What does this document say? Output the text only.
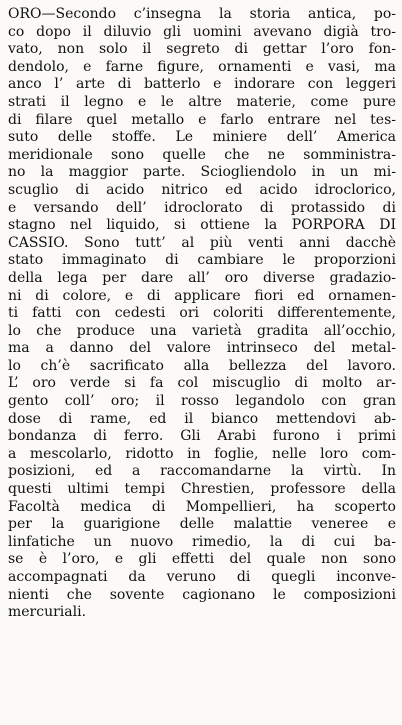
ORO—Secondo c’insegna la storia antica, po-
co dopo il diluvio gli uomini avevano digià tro-
vato, non solo il segreto di gettar l’oro fon-
dendolo, e farne figure, ornamenti e vasi, ma
anco l’ arte di batterlo e indorare con leggeri
strati il legno e le altre materie, come pure
di filare quel metallo e farlo entrare nel tes-
suto delle stoffe. Le miniere dell’ America
meridionale sono quelle che ne somministra-
no la maggior parte. Sciogliendolo in un mi-
scuglio di acido nitrico ed acido idroclorico,
e versando dell’ idroclorato di protassido di
stagno nel liquido, si ottiene la PORPORA DI
CASSIO. Sono tutt’ al più venti anni dacchè
stato immaginato di cambiare le proporzioni
della lega per dare all’ oro diverse gradazio-
ni di colore, e di applicare fiori ed ornamen-
ti fatti con cedesti ori coloriti differentemente,
lo che produce una varietà gradita all’occhio,
ma a danno del valore intrinseco del metal-
lo ch’è sacrificato alla bellezza del lavoro.
L’ oro verde si fa col miscuglio di molto ar-
gento coll’ oro; il rosso legandolo con gran
dose di rame, ed il bianco mettendovi ab-
bondanza di ferro. Gli Arabi furono i primi
a mescolarlo, ridotto in foglie, nelle loro com-
posizioni, ed a raccomandarne la virtù. In
questi ultimi tempi Chrestien, professore della
Facoltà medica di Mompellieri, ha scoperto
per la guarigione delle malattie veneree e
linfatiche un nuovo rimedio, la di cui ba-
se è l’oro, e gli effetti del quale non sono
accompagnati da veruno di quegli inconve-
nienti che sovente cagionano le composizioni
mercuriali.
